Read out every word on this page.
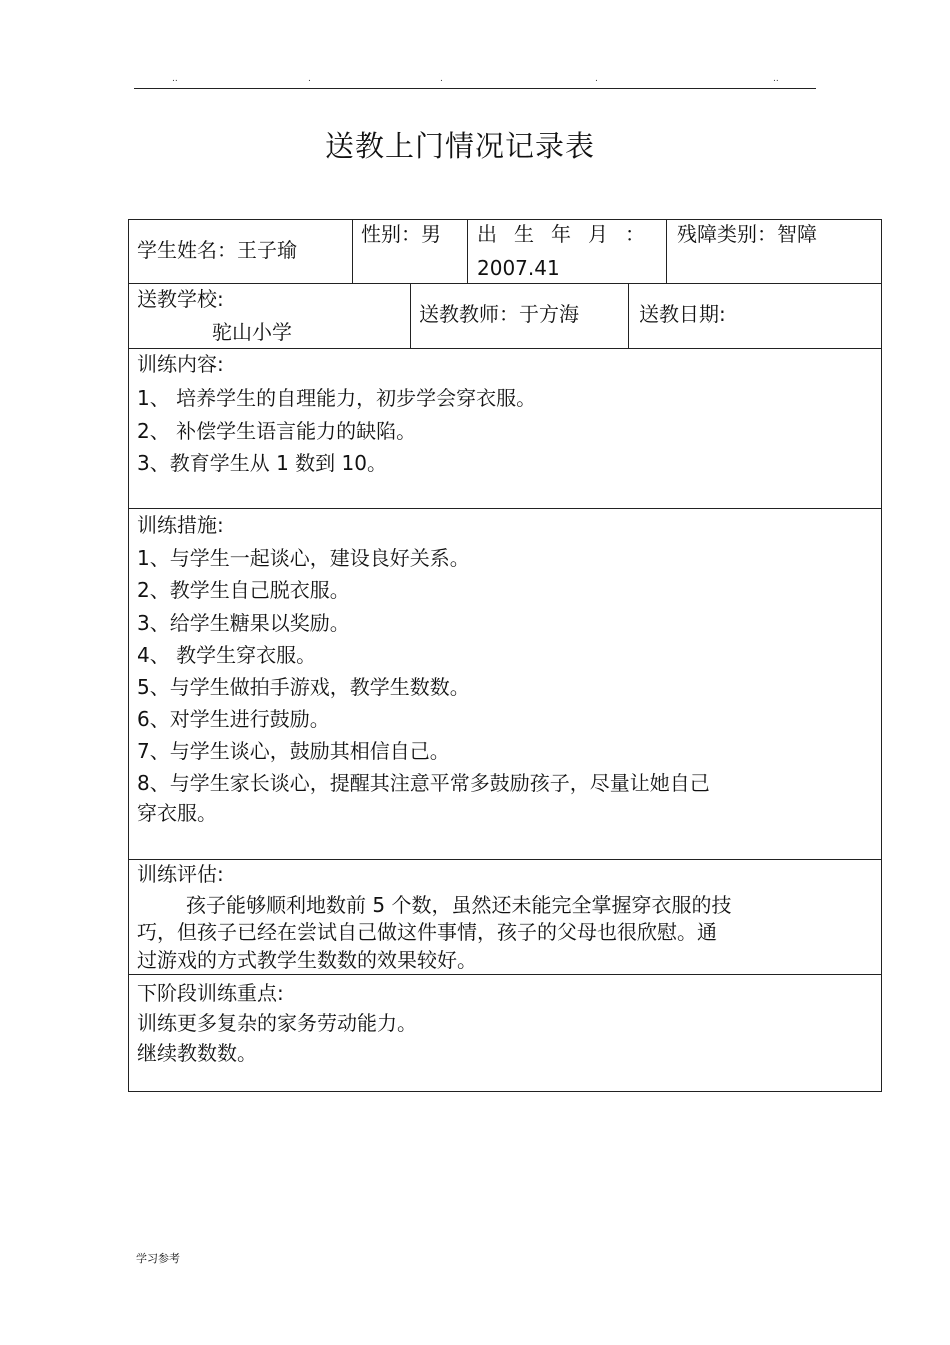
..	.	.	.	..
送教上门情况记录表
学生姓名：王子瑜
性别：男 出生年月：
2007.41
残障类别：智障
送教学校:
驼山小学
送教教师：于方海	送教日期:
训练内容:
1、 培养学生的自理能力，初步学会穿衣服。
2、 补偿学生语言能力的缺陷。
3、教育学生从 1 数到 10。
训练措施:
1、与学生一起谈心，建设良好关系。
2、教学生自己脱衣服。
3、给学生糖果以奖励。
4、 教学生穿衣服。
5、与学生做拍手游戏，教学生数数。
6、对学生进行鼓励。
7、与学生谈心，鼓励其相信自己。
8、与学生家长谈心，提醒其注意平常多鼓励孩子，尽量让她自己
穿衣服。
训练评估:
孩子能够顺利地数前 5 个数，虽然还未能完全掌握穿衣服的技
巧，但孩子已经在尝试自己做这件事情，孩子的父母也很欣慰。通
过游戏的方式教学生数数的效果较好。
下阶段训练重点:
训练更多复杂的家务劳动能力。
继续教数数。
学习参考
